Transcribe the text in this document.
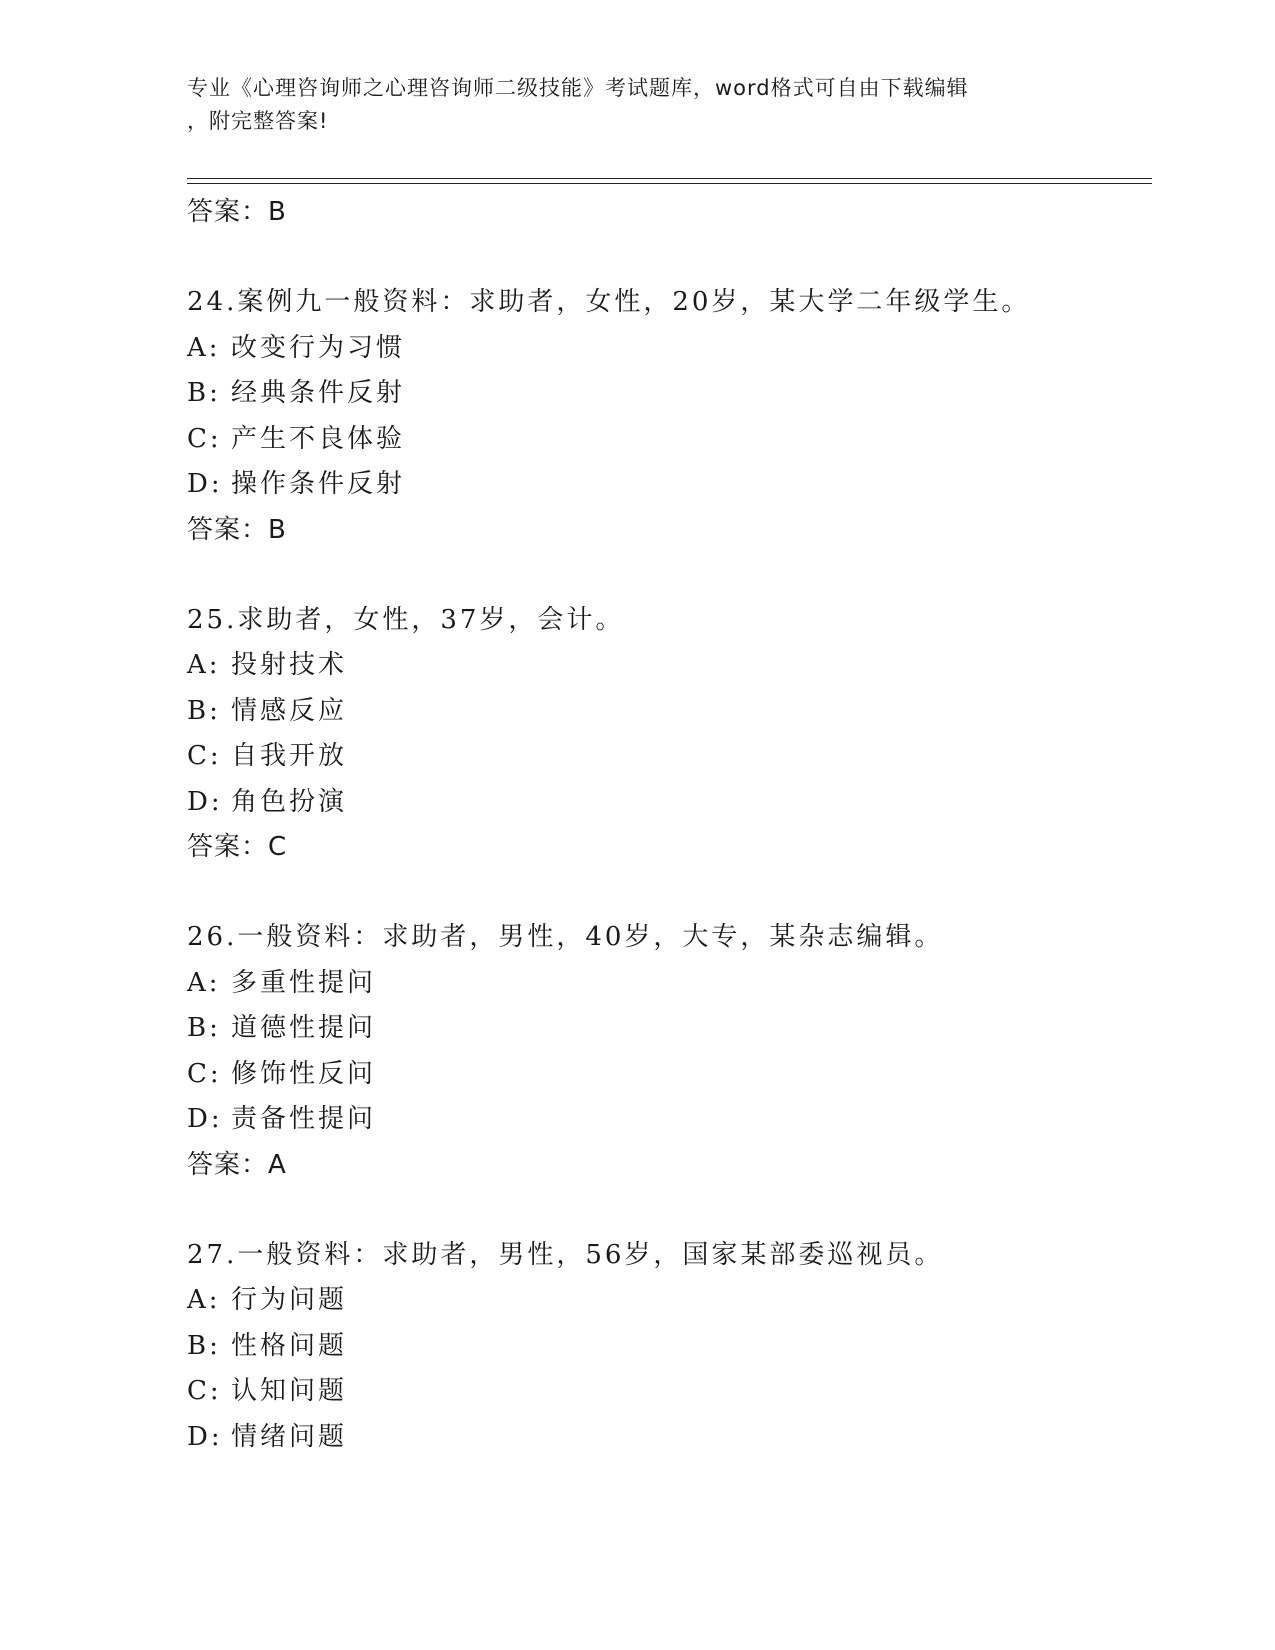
专业《心理咨询师之心理咨询师二级技能》考试题库，word格式可自由下载编辑
，附完整答案!
答案：B
24.案例九一般资料：求助者，女性，20岁，某大学二年级学生。
A: 改变行为习惯
B: 经典条件反射
C: 产生不良体验
D: 操作条件反射
答案：B
25.求助者，女性，37岁，会计。
A: 投射技术
B: 情感反应
C: 自我开放
D: 角色扮演
答案：C
26.一般资料：求助者，男性，40岁，大专，某杂志编辑。
A: 多重性提问
B: 道德性提问
C: 修饰性反问
D: 责备性提问
答案：A
27.一般资料：求助者，男性，56岁，国家某部委巡视员。
A: 行为问题
B: 性格问题
C: 认知问题
D: 情绪问题
